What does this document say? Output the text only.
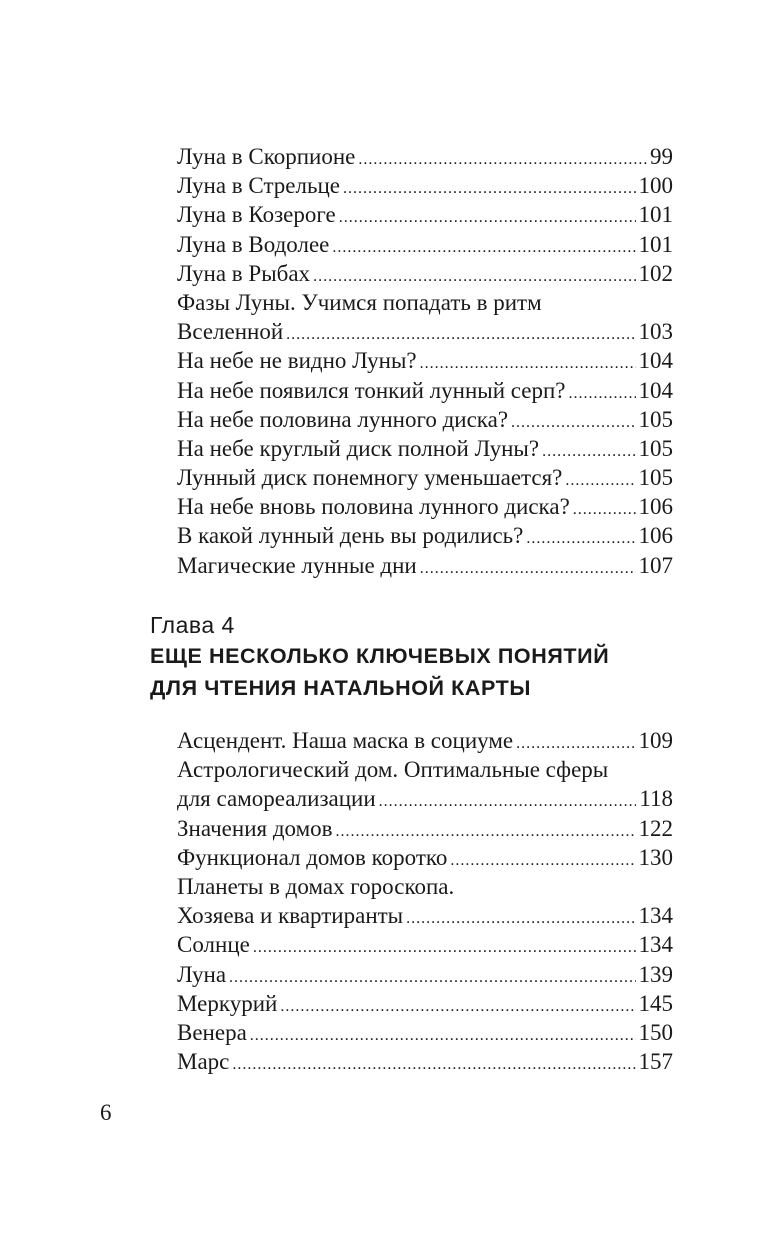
Луна в Скорпионе .....	99
Луна в Стрельце .....	100
Луна в Козероге .....	101
Луна в Водолее .....	101
Луна в Рыбах .....	102
Фазы Луны. Учимся попадать в ритм
Вселенной .....	103
На небе не видно Луны? .....	104
На небе появился тонкий лунный серп? .....	104
На небе половина лунного диска? .....	105
На небе круглый диск полной Луны? .....	105
Лунный диск понемногу уменьшается? .....	105
На небе вновь половина лунного диска? .....	106
В какой лунный день вы родились? .....	106
Магические лунные дни .....	107
Глава 4
ЕЩЕ НЕСКОЛЬКО КЛЮЧЕВЫХ ПОНЯТИЙ
ДЛЯ ЧТЕНИЯ НАТАЛЬНОЙ КАРТЫ
Асцендент. Наша маска в социуме .....	109
Астрологический дом. Оптимальные сферы
для самореализации .....	118
Значения домов .....	122
Функционал домов коротко .....	130
Планеты в домах гороскопа.
Хозяева и квартиранты .....	134
Солнце .....	134
Луна .....	139
Меркурий .....	145
Венера .....	150
Марс .....	157
6
